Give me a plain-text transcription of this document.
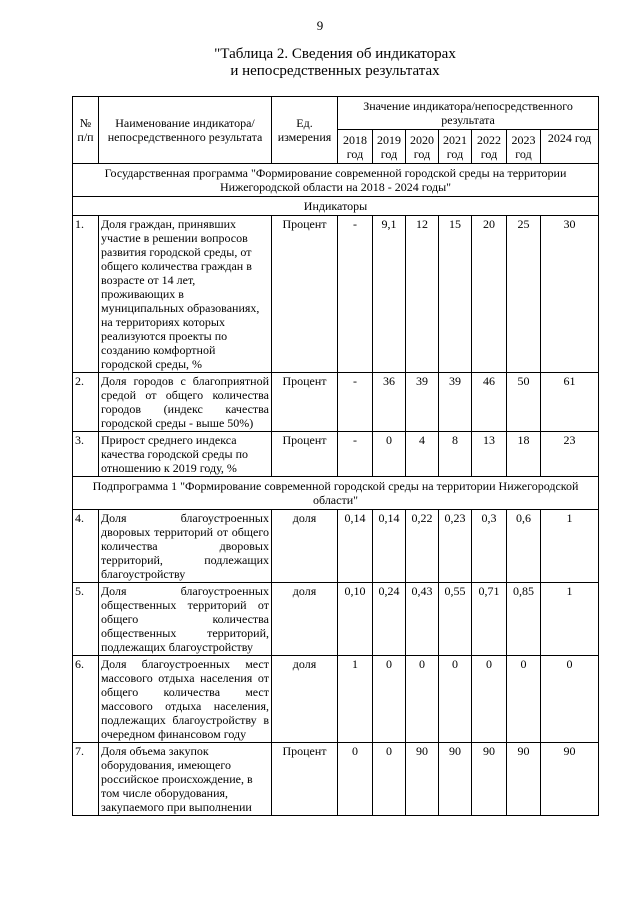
9
"Таблица 2. Сведения об индикаторах
и непосредственных результатах
№ п/п	Наименование индикатора/ непосредственного результата	Ед. измерения	Значение индикатора/непосредственного результата						
			2018 год	2019 год	2020 год	2021 год	2022 год	2023 год	2024 год
Государственная программа "Формирование современной городской среды на территории Нижегородской области на 2018 - 2024 годы"									
Индикаторы									
1.	Доля граждан, принявших участие в решении вопросов развития городской среды, от общего количества граждан в возрасте от 14 лет, проживающих в муниципальных образованиях, на территориях которых реализуются проекты по созданию комфортной городской среды, %	Процент	-	9,1	12	15	20	25	30
2.	Доля городов с благоприятной средой от общего количества городов (индекс качества городской среды - выше 50%)	Процент	-	36	39	39	46	50	61
3.	Прирост среднего индекса качества городской среды по отношению к 2019 году, %	Процент	-	0	4	8	13	18	23
Подпрограмма 1 "Формирование современной городской среды на территории Нижегородской области"									
4.	Доля благоустроенных дворовых территорий от общего количества дворовых территорий, подлежащих благоустройству	доля	0,14	0,14	0,22	0,23	0,3	0,6	1
5.	Доля благоустроенных общественных территорий от общего количества общественных территорий, подлежащих благоустройству	доля	0,10	0,24	0,43	0,55	0,71	0,85	1
6.	Доля благоустроенных мест массового отдыха населения от общего количества мест массового отдыха населения, подлежащих благоустройству в очередном финансовом году	доля	1	0	0	0	0	0	0
7.	Доля объема закупок оборудования, имеющего российское происхождение, в том числе оборудования, закупаемого при выполнении	Процент	0	0	90	90	90	90	90
